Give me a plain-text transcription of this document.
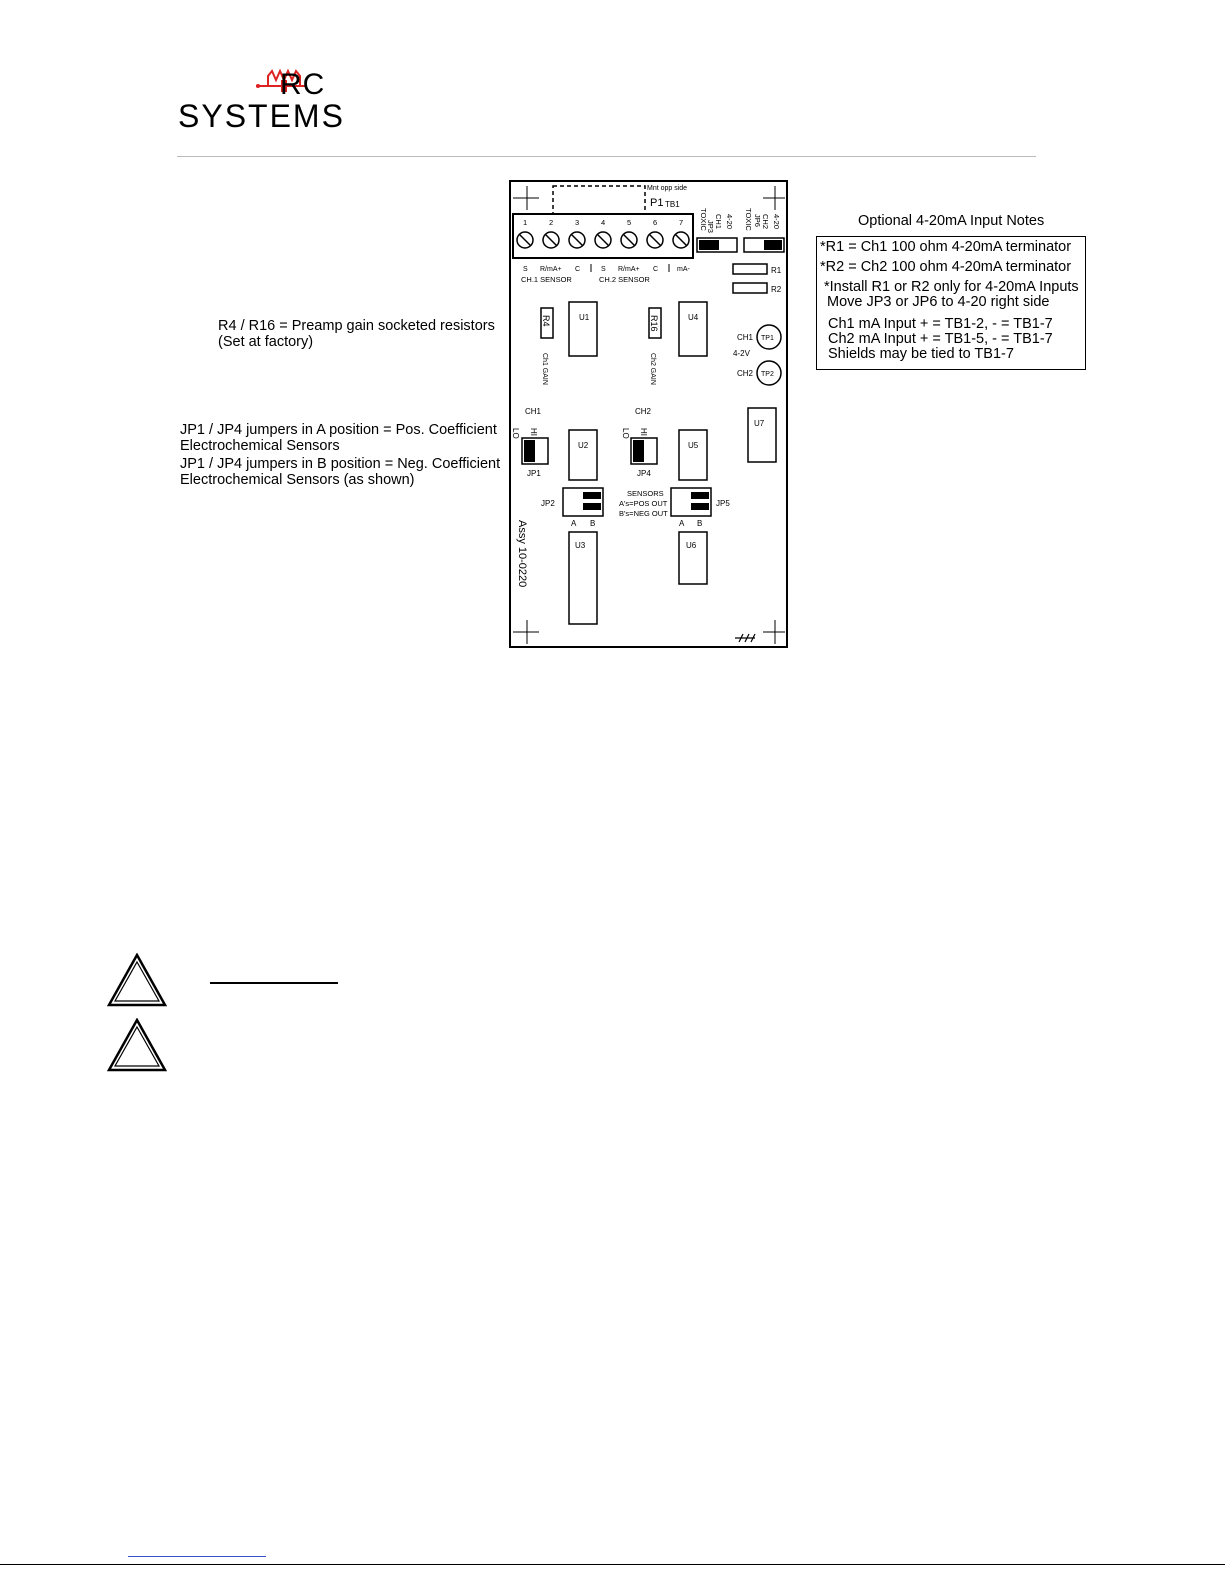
RC
SYSTEMS
R4 / R16 = Preamp gain socketed resistors
(Set at factory)
JP1 / JP4 jumpers in A position = Pos. Coefficient
Electrochemical Sensors
JP1 / JP4 jumpers in B position = Neg. Coefficient
Electrochemical Sensors (as shown)
Optional 4-20mA Input Notes
*R1 = Ch1 100 ohm 4-20mA terminator
*R2 = Ch2 100 ohm 4-20mA terminator
*Install R1 or R2 only for 4-20mA Inputs
Move JP3 or JP6 to 4-20 right side
Ch1 mA Input + = TB1-2, - = TB1-7
Ch2 mA Input + = TB1-5, - = TB1-7
Shields may be tied to TB1-7
Mnt opp side
P1 TB1
1	2	3	4	5	6	7
S R/mA+ C	S R/mA+ C	mA-
CH.1 SENSOR	CH.2 SENSOR
TOXIC
JP3 CH1 4-20 TOXIC JP6 CH2 4-20
R1
R2
R4
Ch1 GAIN
R16
Ch2 GAIN
U1	U4
U2	U5
U3	U6
U7
TP1
CH1
4-2V
TP2
CH2
CH1
LO HI
JP1
CH2
LO HI
JP4
JP2
A B
SENSORS
A's=POS OUT
B's=NEG OUT
JP5
A B
Assy 10-0220
